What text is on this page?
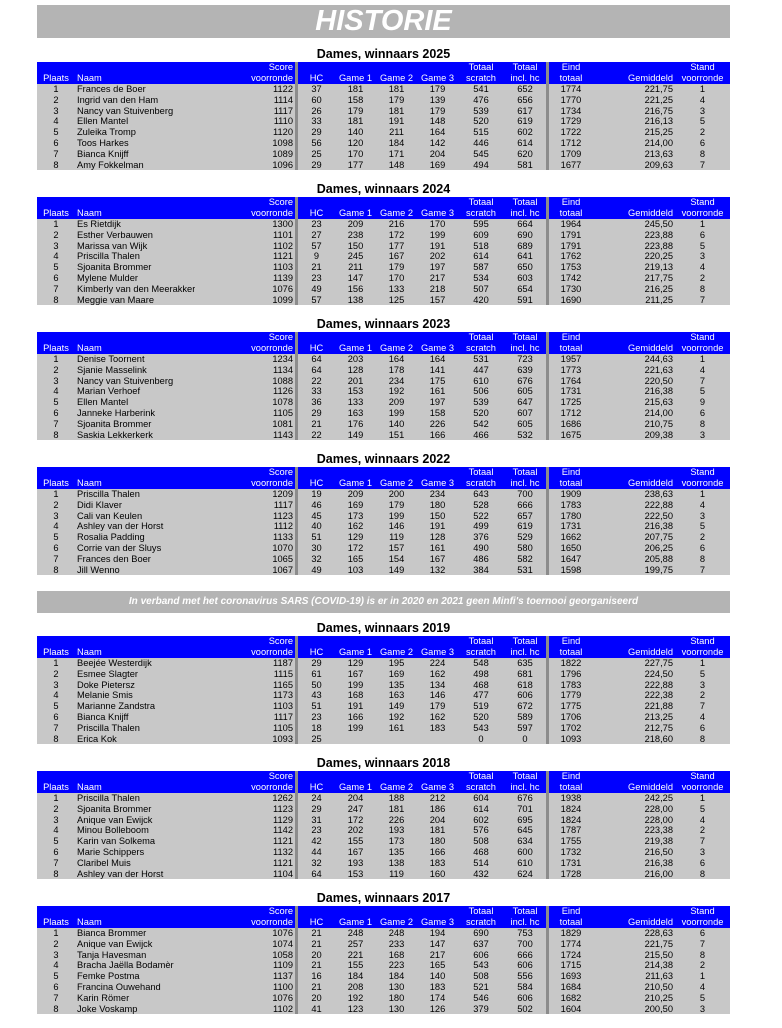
HISTORIE
Dames, winnaars 2025
		Score						Totaal	Totaal		Eind		Stand
Plaats	Naam	voorronde		HC	Game 1	Game 2	Game 3	scratch	incl. hc		totaal	Gemiddeld	voorronde
1	Frances de Boer	1122		37	181	181	179	541	652		1774	221,75	1
2	Ingrid van den Ham	1114		60	158	179	139	476	656		1770	221,25	4
3	Nancy van Stuivenberg	1117		26	179	181	179	539	617		1734	216,75	3
4	Ellen Mantel	1110		33	181	191	148	520	619		1729	216,13	5
5	Zuleika Tromp	1120		29	140	211	164	515	602		1722	215,25	2
6	Toos Harkes	1098		56	120	184	142	446	614		1712	214,00	6
7	Bianca Knijff	1089		25	170	171	204	545	620		1709	213,63	8
8	Amy Fokkelman	1096		29	177	148	169	494	581		1677	209,63	7
Dames, winnaars 2024
		Score						Totaal	Totaal		Eind		Stand
Plaats	Naam	voorronde		HC	Game 1	Game 2	Game 3	scratch	incl. hc		totaal	Gemiddeld	voorronde
1	Es Rietdijk	1300		23	209	216	170	595	664		1964	245,50	1
2	Esther Verbauwen	1101		27	238	172	199	609	690		1791	223,88	6
3	Marissa van Wijk	1102		57	150	177	191	518	689		1791	223,88	5
4	Priscilla Thalen	1121		9	245	167	202	614	641		1762	220,25	3
5	Sjoanita Brommer	1103		21	211	179	197	587	650		1753	219,13	4
6	Mylene Mulder	1139		23	147	170	217	534	603		1742	217,75	2
7	Kimberly van den Meerakker	1076		49	156	133	218	507	654		1730	216,25	8
8	Meggie van Maare	1099		57	138	125	157	420	591		1690	211,25	7
Dames, winnaars 2023
		Score						Totaal	Totaal		Eind		Stand
Plaats	Naam	voorronde		HC	Game 1	Game 2	Game 3	scratch	incl. hc		totaal	Gemiddeld	voorronde
1	Denise Toornent	1234		64	203	164	164	531	723		1957	244,63	1
2	Sjanie Masselink	1134		64	128	178	141	447	639		1773	221,63	4
3	Nancy van Stuivenberg	1088		22	201	234	175	610	676		1764	220,50	7
4	Marian Verhoef	1126		33	153	192	161	506	605		1731	216,38	5
5	Ellen Mantel	1078		36	133	209	197	539	647		1725	215,63	9
6	Janneke Harberink	1105		29	163	199	158	520	607		1712	214,00	6
7	Sjoanita Brommer	1081		21	176	140	226	542	605		1686	210,75	8
8	Saskia Lekkerkerk	1143		22	149	151	166	466	532		1675	209,38	3
Dames, winnaars 2022
		Score						Totaal	Totaal		Eind		Stand
Plaats	Naam	voorronde		HC	Game 1	Game 2	Game 3	scratch	incl. hc		totaal	Gemiddeld	voorronde
1	Priscilla Thalen	1209		19	209	200	234	643	700		1909	238,63	1
2	Didi Klaver	1117		46	169	179	180	528	666		1783	222,88	4
3	Cali van Keulen	1123		45	173	199	150	522	657		1780	222,50	3
4	Ashley van der Horst	1112		40	162	146	191	499	619		1731	216,38	5
5	Rosalia Padding	1133		51	129	119	128	376	529		1662	207,75	2
6	Corrie van der Sluys	1070		30	172	157	161	490	580		1650	206,25	6
7	Frances den Boer	1065		32	165	154	167	486	582		1647	205,88	8
8	Jill Wenno	1067		49	103	149	132	384	531		1598	199,75	7
Dames, winnaars 2019
		Score						Totaal	Totaal		Eind		Stand
Plaats	Naam	voorronde		HC	Game 1	Game 2	Game 3	scratch	incl. hc		totaal	Gemiddeld	voorronde
1	Beejée Westerdijk	1187		29	129	195	224	548	635		1822	227,75	1
2	Esmee Slagter	1115		61	167	169	162	498	681		1796	224,50	5
3	Doke Pietersz	1165		50	199	135	134	468	618		1783	222,88	3
4	Melanie Smis	1173		43	168	163	146	477	606		1779	222,38	2
5	Marianne Zandstra	1103		51	191	149	179	519	672		1775	221,88	7
6	Bianca Knijff	1117		23	166	192	162	520	589		1706	213,25	4
7	Priscilla Thalen	1105		18	199	161	183	543	597		1702	212,75	6
8	Erica Kok	1093		25				0	0		1093	218,60	8
Dames, winnaars 2018
		Score						Totaal	Totaal		Eind		Stand
Plaats	Naam	voorronde		HC	Game 1	Game 2	Game 3	scratch	incl. hc		totaal	Gemiddeld	voorronde
1	Priscilla Thalen	1262		24	204	188	212	604	676		1938	242,25	1
2	Sjoanita Brommer	1123		29	247	181	186	614	701		1824	228,00	5
3	Anique van Ewijck	1129		31	172	226	204	602	695		1824	228,00	4
4	Minou Bolleboom	1142		23	202	193	181	576	645		1787	223,38	2
5	Karin van Solkema	1121		42	155	173	180	508	634		1755	219,38	7
6	Marie Schippers	1132		44	167	135	166	468	600		1732	216,50	3
7	Claribel Muis	1121		32	193	138	183	514	610		1731	216,38	6
8	Ashley van der Horst	1104		64	153	119	160	432	624		1728	216,00	8
Dames, winnaars 2017
		Score						Totaal	Totaal		Eind		Stand
Plaats	Naam	voorronde		HC	Game 1	Game 2	Game 3	scratch	incl. hc		totaal	Gemiddeld	voorronde
1	Bianca Brommer	1076		21	248	248	194	690	753		1829	228,63	6
2	Anique van Ewijck	1074		21	257	233	147	637	700		1774	221,75	7
3	Tanja Havesman	1058		20	221	168	217	606	666		1724	215,50	8
4	Bracha Jaëlla Bodamèr	1109		21	155	223	165	543	606		1715	214,38	2
5	Femke Postma	1137		16	184	184	140	508	556		1693	211,63	1
6	Francina Ouwehand	1100		21	208	130	183	521	584		1684	210,50	4
7	Karin Römer	1076		20	192	180	174	546	606		1682	210,25	5
8	Joke Voskamp	1102		41	123	130	126	379	502		1604	200,50	3
In verband met het coronavirus SARS (COVID-19) is er in 2020 en 2021 geen Minfi's toernooi georganiseerd
